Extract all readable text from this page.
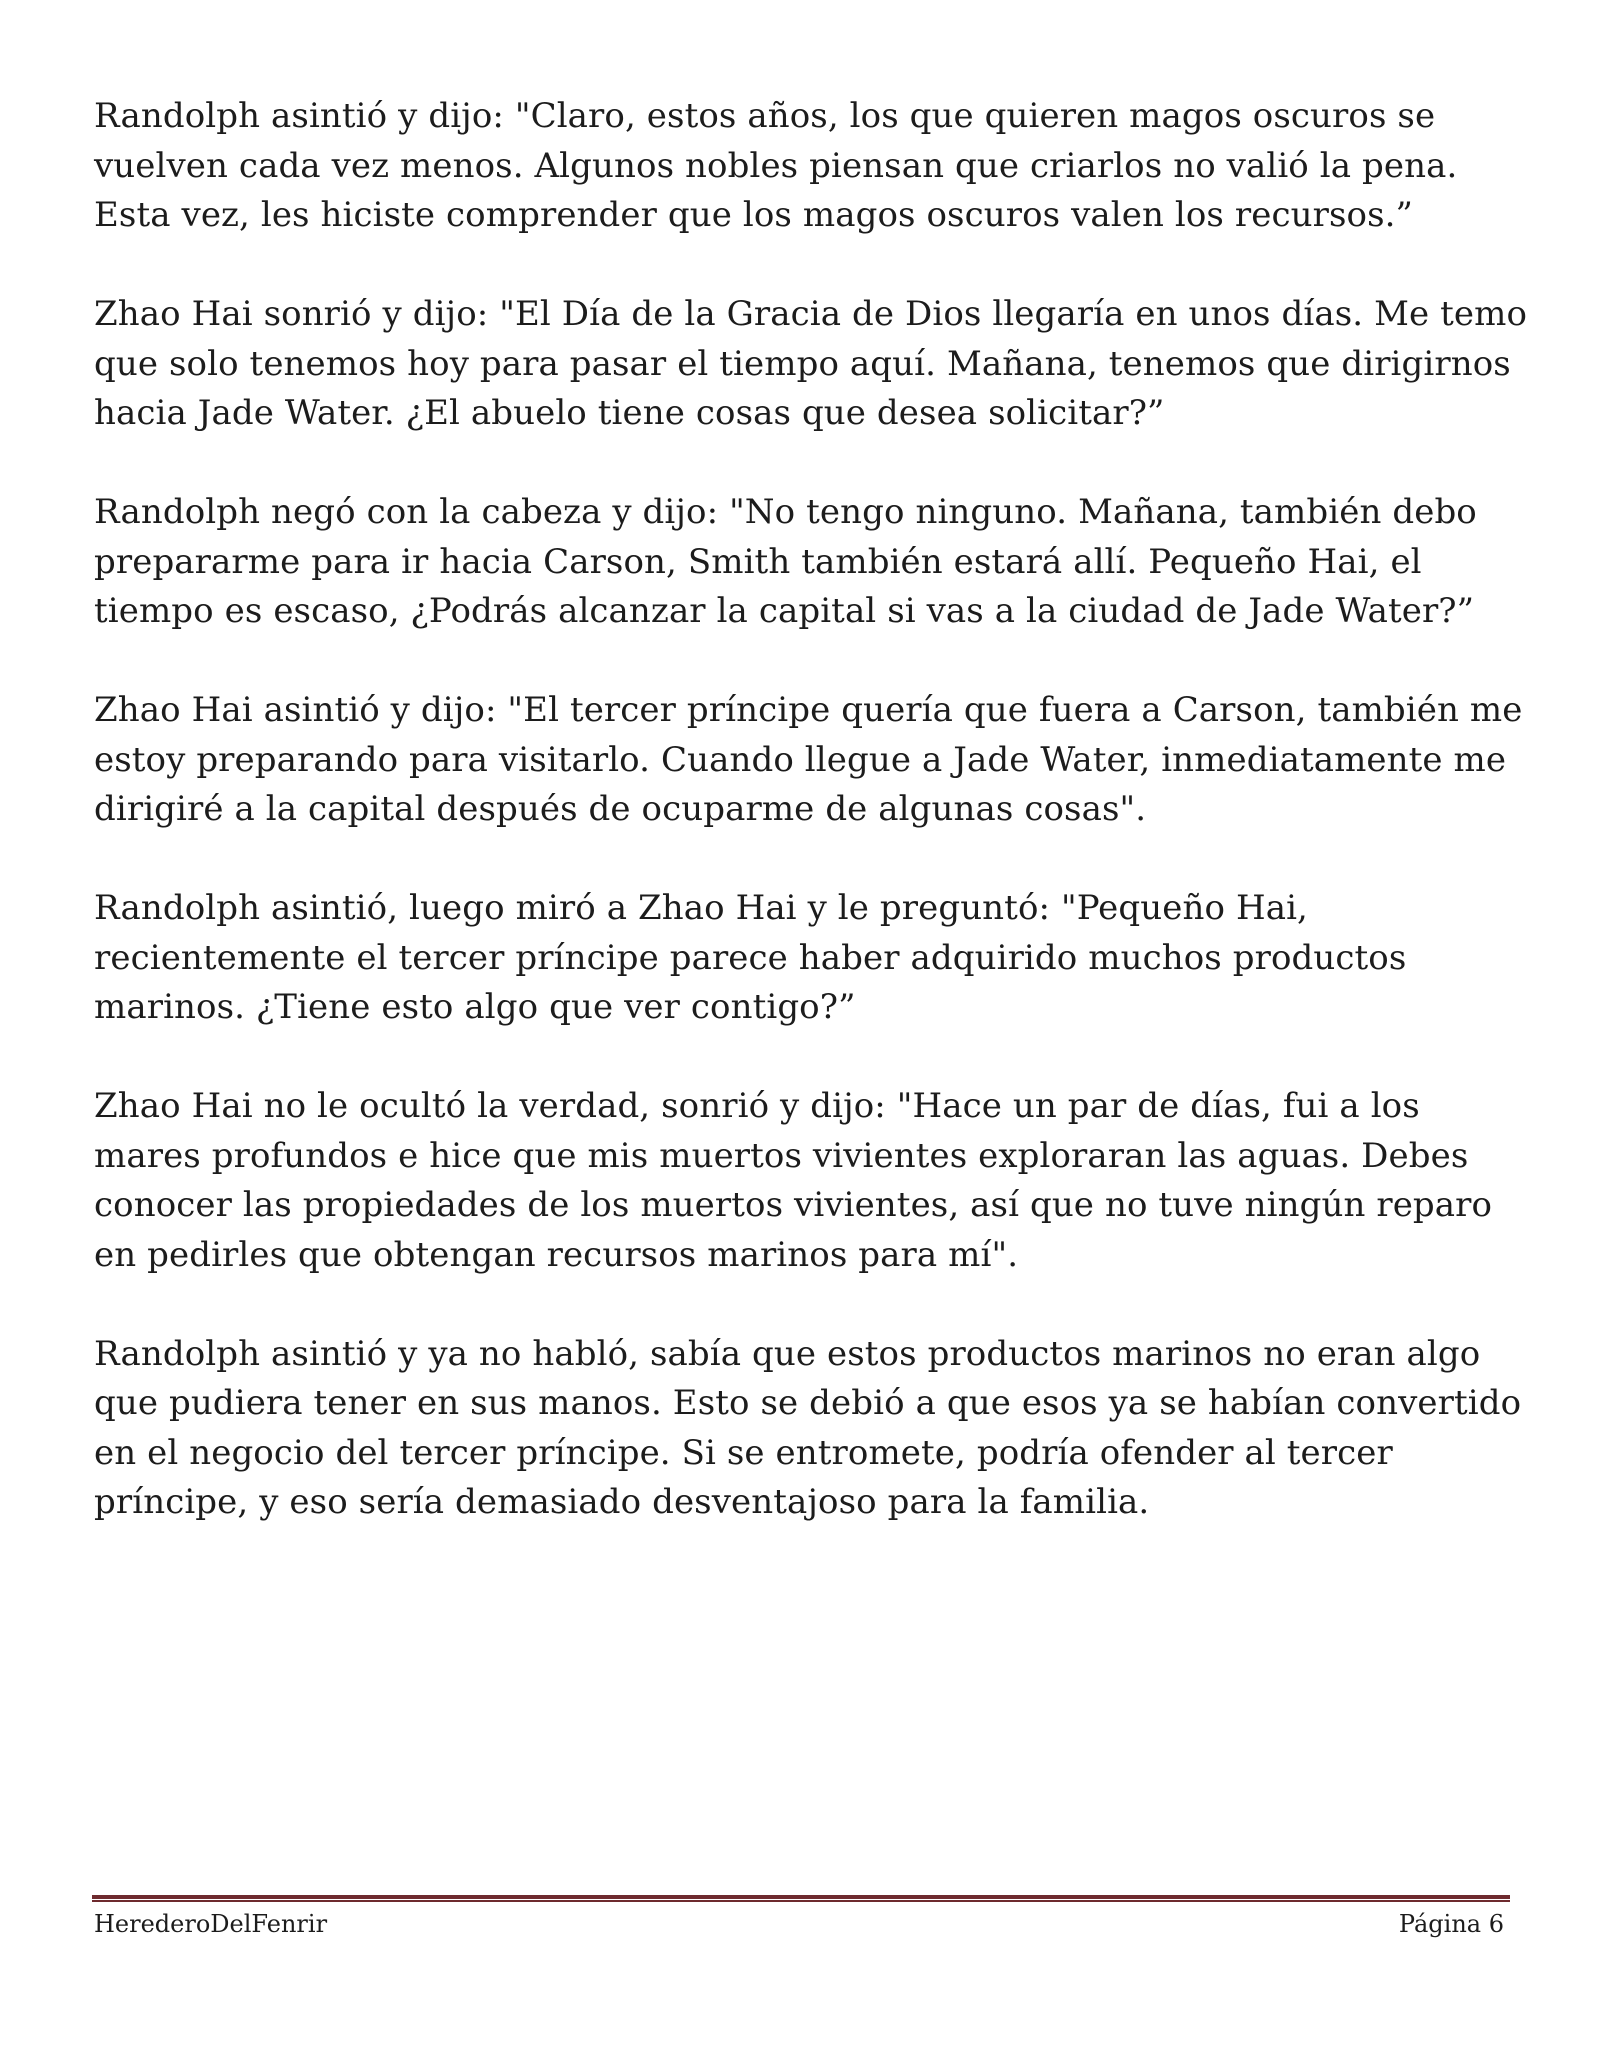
Randolph asintió y dijo: "Claro, estos años, los que quieren magos oscuros se vuelven cada vez menos. Algunos nobles piensan que criarlos no valió la pena. Esta vez, les hiciste comprender que los magos oscuros valen los recursos.”

Zhao Hai sonrió y dijo: "El Día de la Gracia de Dios llegaría en unos días. Me temo que solo tenemos hoy para pasar el tiempo aquí. Mañana, tenemos que dirigirnos hacia Jade Water. ¿El abuelo tiene cosas que desea solicitar?”

Randolph negó con la cabeza y dijo: "No tengo ninguno. Mañana, también debo prepararme para ir hacia Carson, Smith también estará allí. Pequeño Hai, el tiempo es escaso, ¿Podrás alcanzar la capital si vas a la ciudad de Jade Water?”

Zhao Hai asintió y dijo: "El tercer príncipe quería que fuera a Carson, también me estoy preparando para visitarlo. Cuando llegue a Jade Water, inmediatamente me dirigiré a la capital después de ocuparme de algunas cosas".

Randolph asintió, luego miró a Zhao Hai y le preguntó: "Pequeño Hai, recientemente el tercer príncipe parece haber adquirido muchos productos marinos. ¿Tiene esto algo que ver contigo?”

Zhao Hai no le ocultó la verdad, sonrió y dijo: "Hace un par de días, fui a los mares profundos e hice que mis muertos vivientes exploraran las aguas. Debes conocer las propiedades de los muertos vivientes, así que no tuve ningún reparo en pedirles que obtengan recursos marinos para mí".

Randolph asintió y ya no habló, sabía que estos productos marinos no eran algo que pudiera tener en sus manos. Esto se debió a que esos ya se habían convertido en el negocio del tercer príncipe. Si se entromete, podría ofender al tercer príncipe, y eso sería demasiado desventajoso para la familia.

HerederoDelFenrir	Página 6
